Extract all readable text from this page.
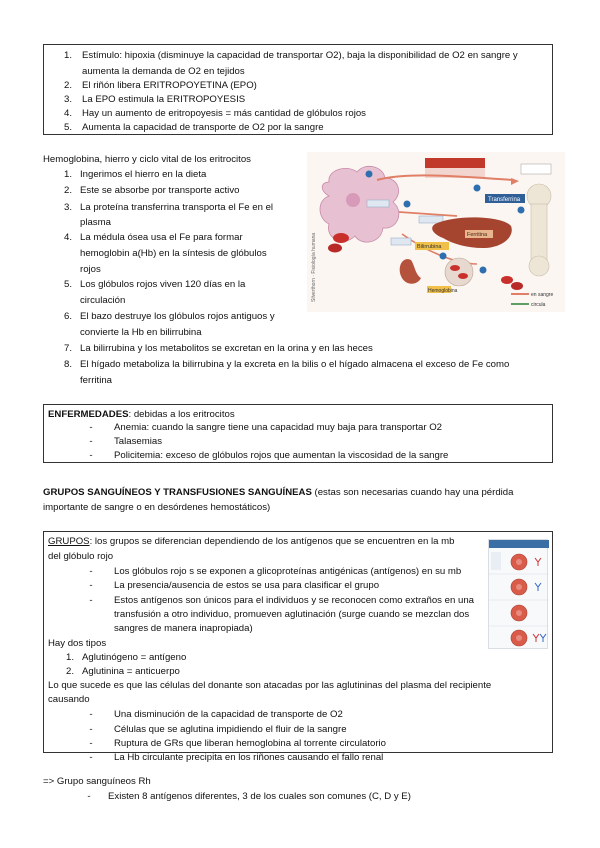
1. Estímulo: hipoxia (disminuye la capacidad de transportar O2), baja la disponibilidad de O2 en sangre y
aumenta la demanda de O2 en tejidos
2. El riñón libera ERITROPOYETINA (EPO)
3. La EPO estimula la ERITROPOYESIS
4. Hay un aumento de eritropoyesis = más cantidad de glóbulos rojos
5. Aumenta la capacidad de transporte de O2 por la sangre
Hemoglobina, hierro y ciclo vital de los eritrocitos
1. Ingerimos el hierro en la dieta
2. Este se absorbe por transporte activo
3. La proteína transferrina transporta el Fe en el
plasma
4. La médula ósea usa el Fe para formar
hemoglobin a(Hb) en la síntesis de glóbulos
rojos
5. Los glóbulos rojos viven 120 días en la
circulación
6. El bazo destruye los glóbulos rojos antiguos y
convierte la Hb en bilirrubina
7. La bilirrubina y los metabolitos se excretan en la orina y en las heces
8. El hígado metaboliza la bilirrubina y la excreta en la bilis o el hígado almacena el exceso de Fe como
ferritina
Silverthorn · Fisiología humana
Transferrina
Ferritina
Bilirrubina
Hemoglobina
en sangre
circula
ENFERMEDADES: debidas a los eritrocitos
-	Anemia: cuando la sangre tiene una capacidad muy baja para transportar O2
-	Talasemias
-	Policitemia: exceso de glóbulos rojos que aumentan la viscosidad de la sangre
GRUPOS SANGUÍNEOS Y TRANSFUSIONES SANGUÍNEAS (estas son necesarias cuando hay una pérdida
importante de sangre o en desórdenes hemostáticos)
GRUPOS: los grupos se diferencian dependiendo de los antígenos que se encuentren en la mb
del glóbulo rojo
-	Los glóbulos rojo s se exponen a glicoproteínas antigénicas (antígenos) en su mb
-	La presencia/ausencia de estos se usa para clasificar el grupo
-	Estos antígenos son únicos para el individuos y se reconocen como extraños en una
transfusión a otro individuo, promueven aglutinación (surge cuando se mezclan dos
sangres de manera inapropiada)
Hay dos tipos
1. Aglutinógeno = antígeno
2. Aglutinina = anticuerpo
Lo que sucede es que las células del donante son atacadas por las aglutininas del plasma del recipiente
causando
-	Una disminución de la capacidad de transporte de O2
-	Células que se aglutina impidiendo el fluir de la sangre
-	Ruptura de GRs que liberan hemoglobina al torrente circulatorio
-	La Hb circulante precipita en los riñones causando el fallo renal
=> Grupo sanguíneos Rh
-	Existen 8 antígenos diferentes, 3 de los cuales son comunes (C, D y E)
